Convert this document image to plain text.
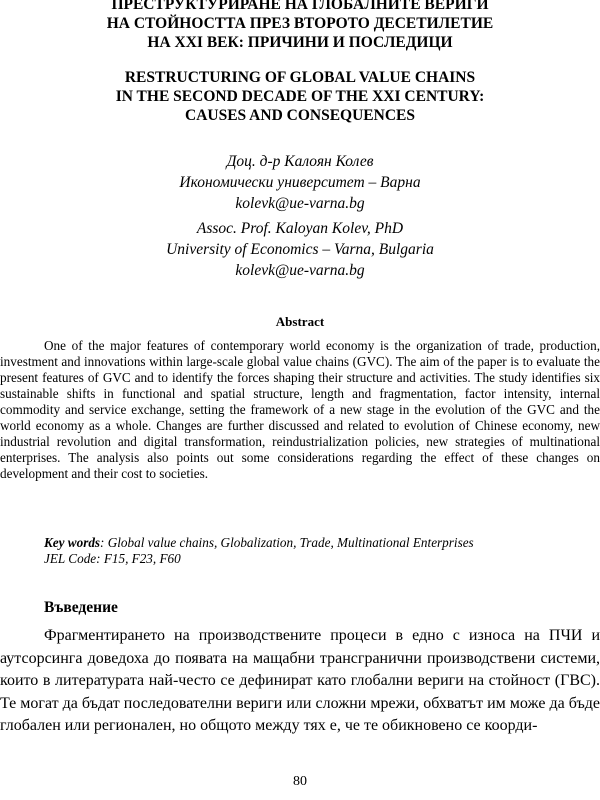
ПРЕСТРУКТУРИРАНЕ НА ГЛОБАЛНИТЕ ВЕРИГИ
НА СТОЙНОСТТА ПРЕЗ ВТОРОТО ДЕСЕТИЛЕТИЕ
НА XXI ВЕК: ПРИЧИНИ И ПОСЛЕДИЦИ
RESTRUCTURING OF GLOBAL VALUE CHAINS
IN THE SECOND DECADE OF THE XXI CENTURY:
CAUSES AND CONSEQUENCES
Доц. д-р Калоян Колев
Икономически университет – Варна
kolevk@ue-varna.bg
Assoc. Prof. Kaloyan Kolev, PhD
University of Economics – Varna, Bulgaria
kolevk@ue-varna.bg
Abstract

One of the major features of contemporary world economy is the organization of trade, production, investment and innovations within large-scale global value chains (GVC). The aim of the paper is to evaluate the present features of GVC and to identify the forces shaping their structure and activities. The study identifies six sustainable shifts in functional and spatial structure, length and fragmentation, factor intensity, internal commodity and service exchange, setting the framework of a new stage in the evolution of the GVC and the world economy as a whole. Changes are further discussed and related to evolution of Chinese economy, new industrial revolution and digital transformation, reindustrialization policies, new strategies of multinational enterprises. The analysis also points out some considerations regarding the effect of these changes on development and their cost to societies.

Key words: Global value chains, Globalization, Trade, Multinational Enterprises
JEL Code: F15, F23, F60
Въведение

Фрагментирането на производствените процеси в едно с износа на ПЧИ и аутсорсинга доведоха до появата на мащабни трансгранични производствени системи, които в литературата най-често се дефинират като глобални вериги на стойност (ГВС). Те могат да бъдат последователни вериги или сложни мрежи, обхватът им може да бъде глобален или регионален, но общото между тях е, че те обикновено се коорди-

80
